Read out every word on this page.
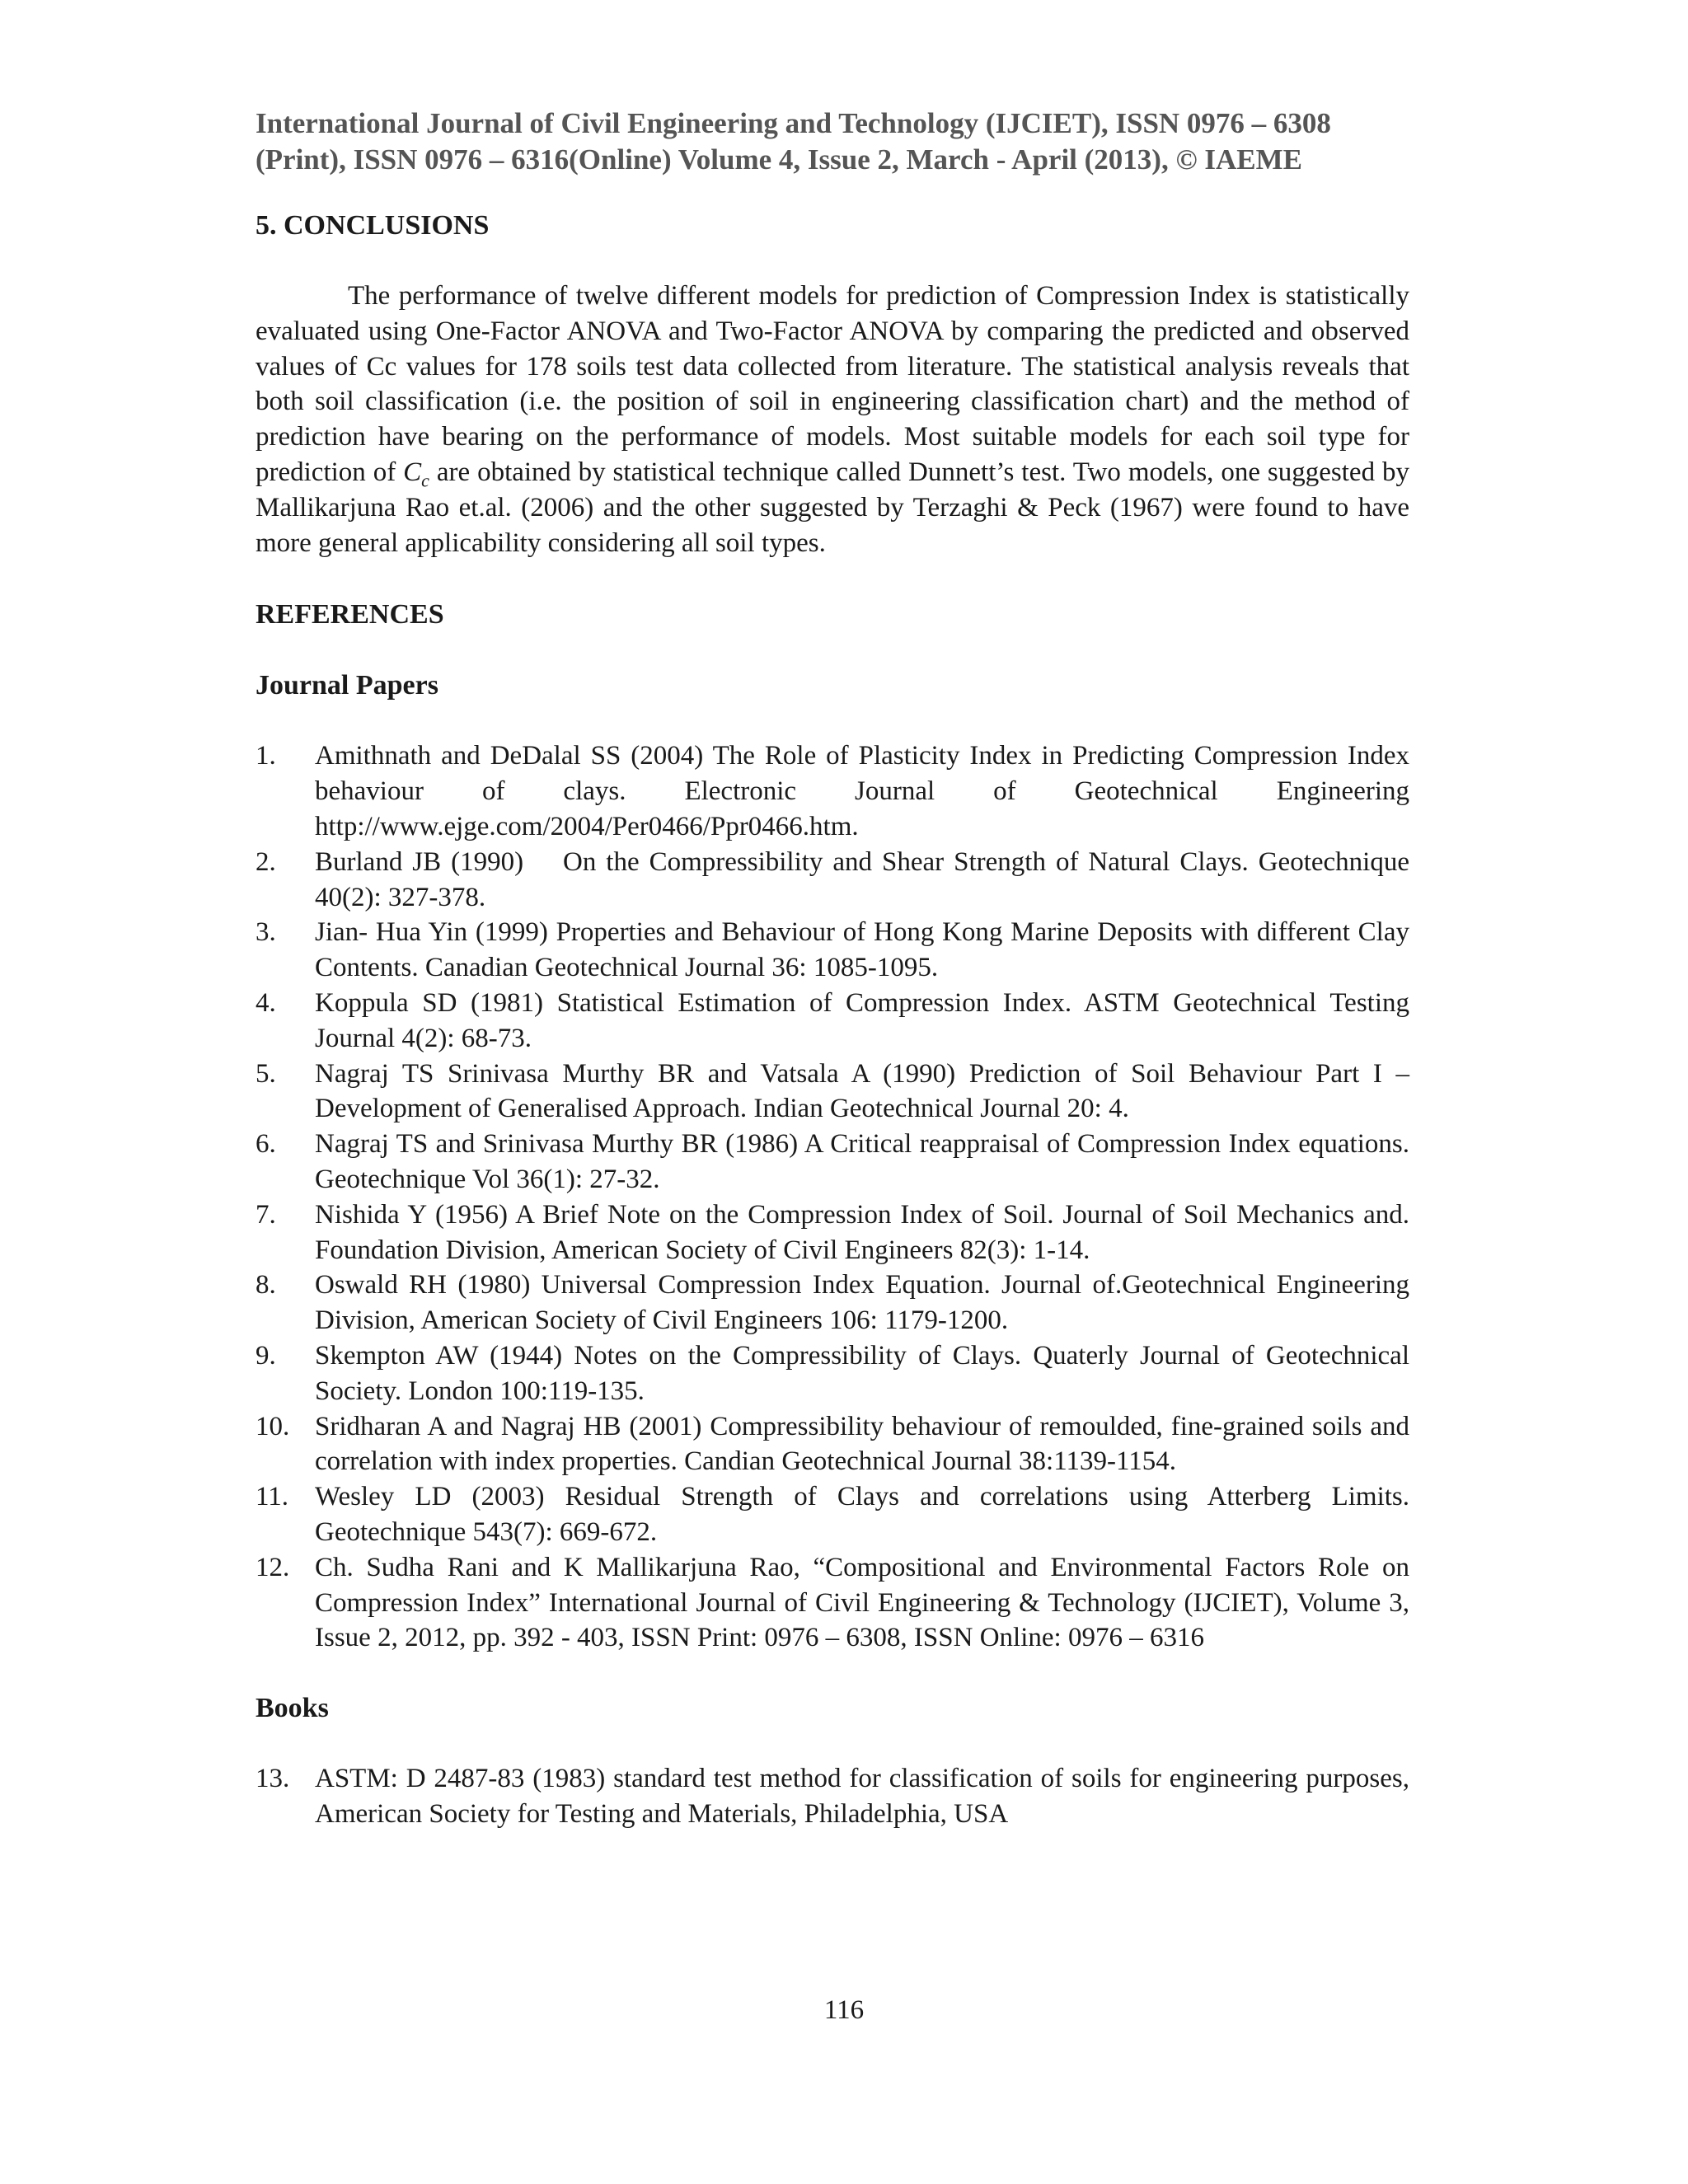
International Journal of Civil Engineering and Technology (IJCIET), ISSN 0976 – 6308

(Print), ISSN 0976 – 6316(Online) Volume 4, Issue 2, March - April (2013), © IAEME

5. CONCLUSIONS

The performance of twelve different models for prediction of Compression Index is statistically evaluated using One-Factor ANOVA and Two-Factor ANOVA by comparing the predicted and observed values of Cc values for 178 soils test data collected from literature. The statistical analysis reveals that both soil classification (i.e. the position of soil in engineering classification chart) and the method of prediction have bearing on the performance of models. Most suitable models for each soil type for prediction of $C_c$ are obtained by statistical technique called Dunnett’s test. Two models, one suggested by Mallikarjuna Rao et.al. (2006) and the other suggested by Terzaghi & Peck (1967) were found to have more general applicability considering all soil types.

REFERENCES
Journal Papers
1.	Amithnath and DeDalal SS (2004) The Role of Plasticity Index in Predicting Compression Index behaviour of clays. Electronic Journal of Geotechnical Engineering http://www.ejge.com/2004/Per0466/Ppr0466.htm.
2.	Burland JB (1990)    On the Compressibility and Shear Strength of Natural Clays. Geotechnique 40(2): 327-378.
3.	Jian- Hua Yin (1999) Properties and Behaviour of Hong Kong Marine Deposits with different Clay Contents. Canadian Geotechnical Journal 36: 1085-1095.
4.	Koppula SD (1981) Statistical Estimation of Compression Index. ASTM Geotechnical Testing Journal 4(2): 68-73.
5.	Nagraj TS Srinivasa Murthy BR and Vatsala A (1990) Prediction of Soil Behaviour Part I – Development of Generalised Approach. Indian Geotechnical Journal 20: 4.
6.	Nagraj TS and Srinivasa Murthy BR (1986) A Critical reappraisal of Compression Index equations. Geotechnique Vol 36(1): 27-32.
7.	Nishida Y (1956) A Brief Note on the Compression Index of Soil. Journal of Soil Mechanics and. Foundation Division, American Society of Civil Engineers 82(3): 1-14.
8.	Oswald RH (1980) Universal Compression Index Equation. Journal of.Geotechnical Engineering Division, American Society of Civil Engineers 106: 1179-1200.
9.	Skempton AW (1944) Notes on the Compressibility of Clays. Quaterly Journal of Geotechnical Society. London 100:119-135.
10. Sridharan A and Nagraj HB (2001) Compressibility behaviour of remoulded, fine-grained soils and correlation with index properties. Candian Geotechnical Journal 38:1139-1154.
11. Wesley LD (2003) Residual Strength of Clays and correlations using Atterberg Limits. Geotechnique 543(7): 669-672.
12. Ch. Sudha Rani and K Mallikarjuna Rao, “Compositional and Environmental Factors Role on Compression Index” International Journal of Civil Engineering & Technology (IJCIET), Volume 3, Issue 2, 2012, pp. 392 - 403, ISSN Print: 0976 – 6308, ISSN Online: 0976 – 6316
Books
13. ASTM: D 2487-83 (1983) standard test method for classification of soils for engineering purposes, American Society for Testing and Materials, Philadelphia, USA
116
